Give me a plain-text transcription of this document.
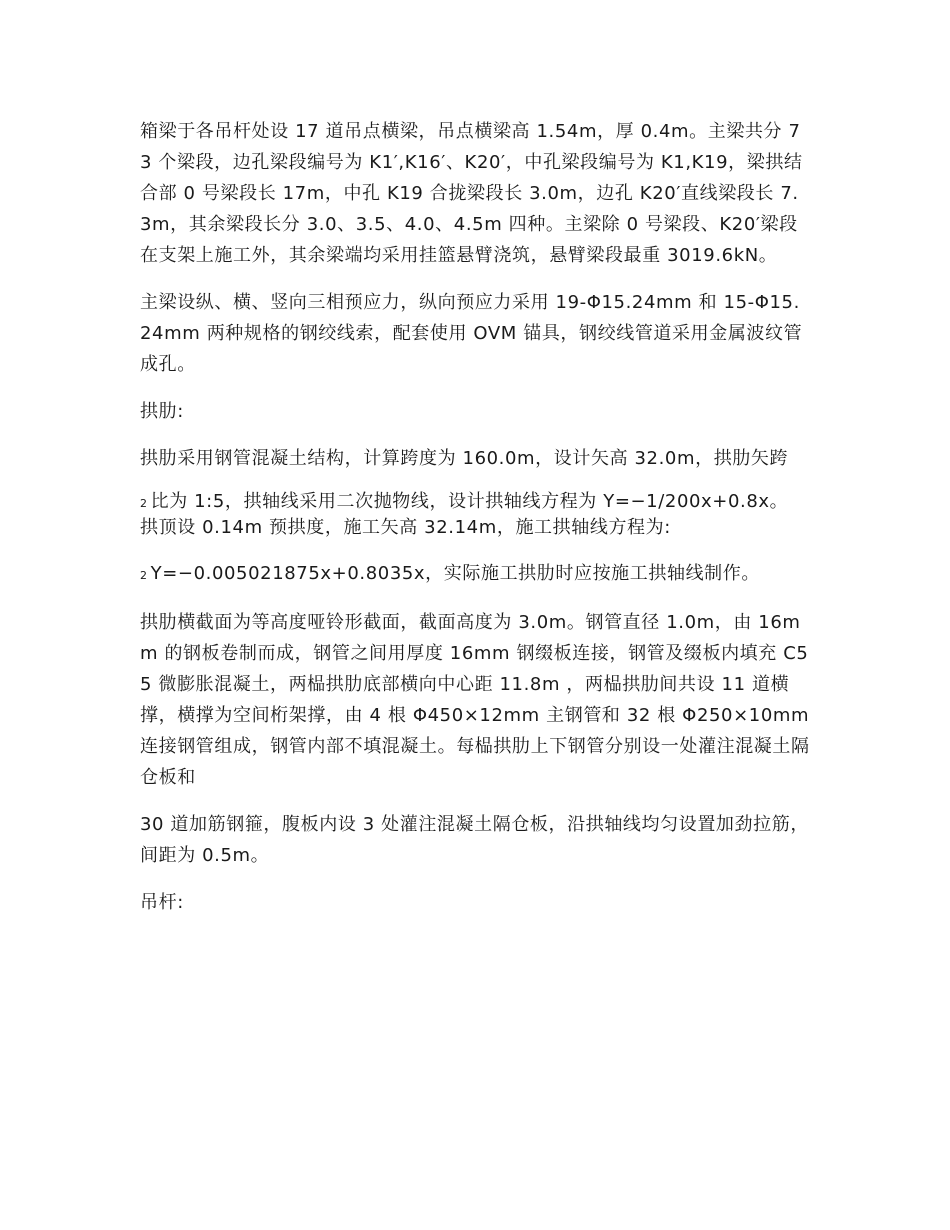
箱梁于各吊杆处设 17 道吊点横梁，吊点横梁高 1.54m，厚 0.4m。主梁共分 73 个梁段，边孔梁段编号为 K1′,K16′、K20′，中孔梁段编号为 K1,K19，梁拱结合部 0 号梁段长 17m，中孔 K19 合拢梁段长 3.0m，边孔 K20′直线梁段长 7.3m，其余梁段长分 3.0、3.5、4.0、4.5m 四种。主梁除 0 号梁段、K20′梁段在支架上施工外，其余梁端均采用挂篮悬臂浇筑，悬臂梁段最重 3019.6kN。

主梁设纵、横、竖向三相预应力，纵向预应力采用 19-Φ15.24mm 和 15-Φ15.24mm 两种规格的钢绞线索，配套使用 OVM 锚具，钢绞线管道采用金属波纹管成孔。

拱肋:

拱肋采用钢管混凝土结构，计算跨度为 160.0m，设计矢高 32.0m，拱肋矢跨

2 比为 1:5，拱轴线采用二次抛物线，设计拱轴线方程为 Y=−1/200x+0.8x。 拱顶设 0.14m 预拱度，施工矢高 32.14m，施工拱轴线方程为:

2 Y=−0.005021875x+0.8035x，实际施工拱肋时应按施工拱轴线制作。

拱肋横截面为等高度哑铃形截面，截面高度为 3.0m。钢管直径 1.0m，由 16mm 的钢板卷制而成，钢管之间用厚度 16mm 钢缀板连接，钢管及缀板内填充 C55 微膨胀混凝土，两榀拱肋底部横向中心距 11.8m ，两榀拱肋间共设 11 道横撑，横撑为空间桁架撑，由 4 根 Φ450×12mm 主钢管和 32 根 Φ250×10mm 连接钢管组成，钢管内部不填混凝土。每榀拱肋上下钢管分别设一处灌注混凝土隔仓板和

30 道加筋钢箍，腹板内设 3 处灌注混凝土隔仓板，沿拱轴线均匀设置加劲拉筋，间距为 0.5m。

吊杆:
